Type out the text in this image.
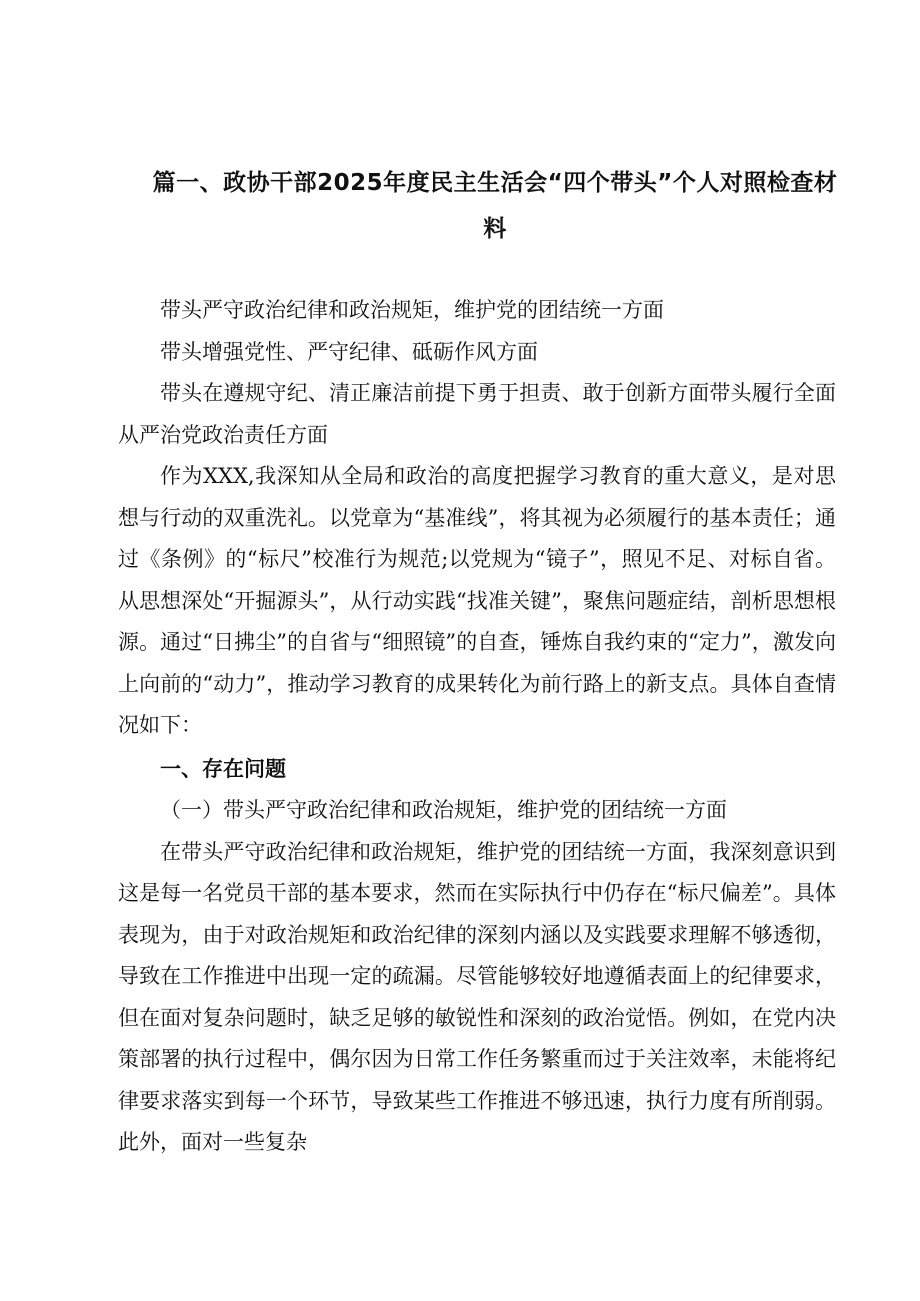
篇一、政协干部2025年度民主生活会“四个带头”个人对照检查材料

带头严守政治纪律和政治规矩，维护党的团结统一方面

带头增强党性、严守纪律、砥砺作风方面

带头在遵规守纪、清正廉洁前提下勇于担责、敢于创新方面带头履行全面从严治党政治责任方面

作为XXX,我深知从全局和政治的高度把握学习教育的重大意义，是对思想与行动的双重洗礼。以党章为“基准线”，将其视为必须履行的基本责任；通过《条例》的“标尺”校准行为规范;以党规为“镜子”，照见不足、对标自省。从思想深处“开掘源头”，从行动实践“找准关键”，聚焦问题症结，剖析思想根源。通过“日拂尘”的自省与“细照镜”的自查，锤炼自我约束的“定力”，激发向上向前的“动力”，推动学习教育的成果转化为前行路上的新支点。具体自查情况如下：

一、存在问题

（一）带头严守政治纪律和政治规矩，维护党的团结统一方面

在带头严守政治纪律和政治规矩，维护党的团结统一方面，我深刻意识到这是每一名党员干部的基本要求，然而在实际执行中仍存在“标尺偏差”。具体表现为，由于对政治规矩和政治纪律的深刻内涵以及实践要求理解不够透彻，导致在工作推进中出现一定的疏漏。尽管能够较好地遵循表面上的纪律要求，但在面对复杂问题时，缺乏足够的敏锐性和深刻的政治觉悟。例如，在党内决策部署的执行过程中，偶尔因为日常工作任务繁重而过于关注效率，未能将纪律要求落实到每一个环节，导致某些工作推进不够迅速，执行力度有所削弱。此外，面对一些复杂
